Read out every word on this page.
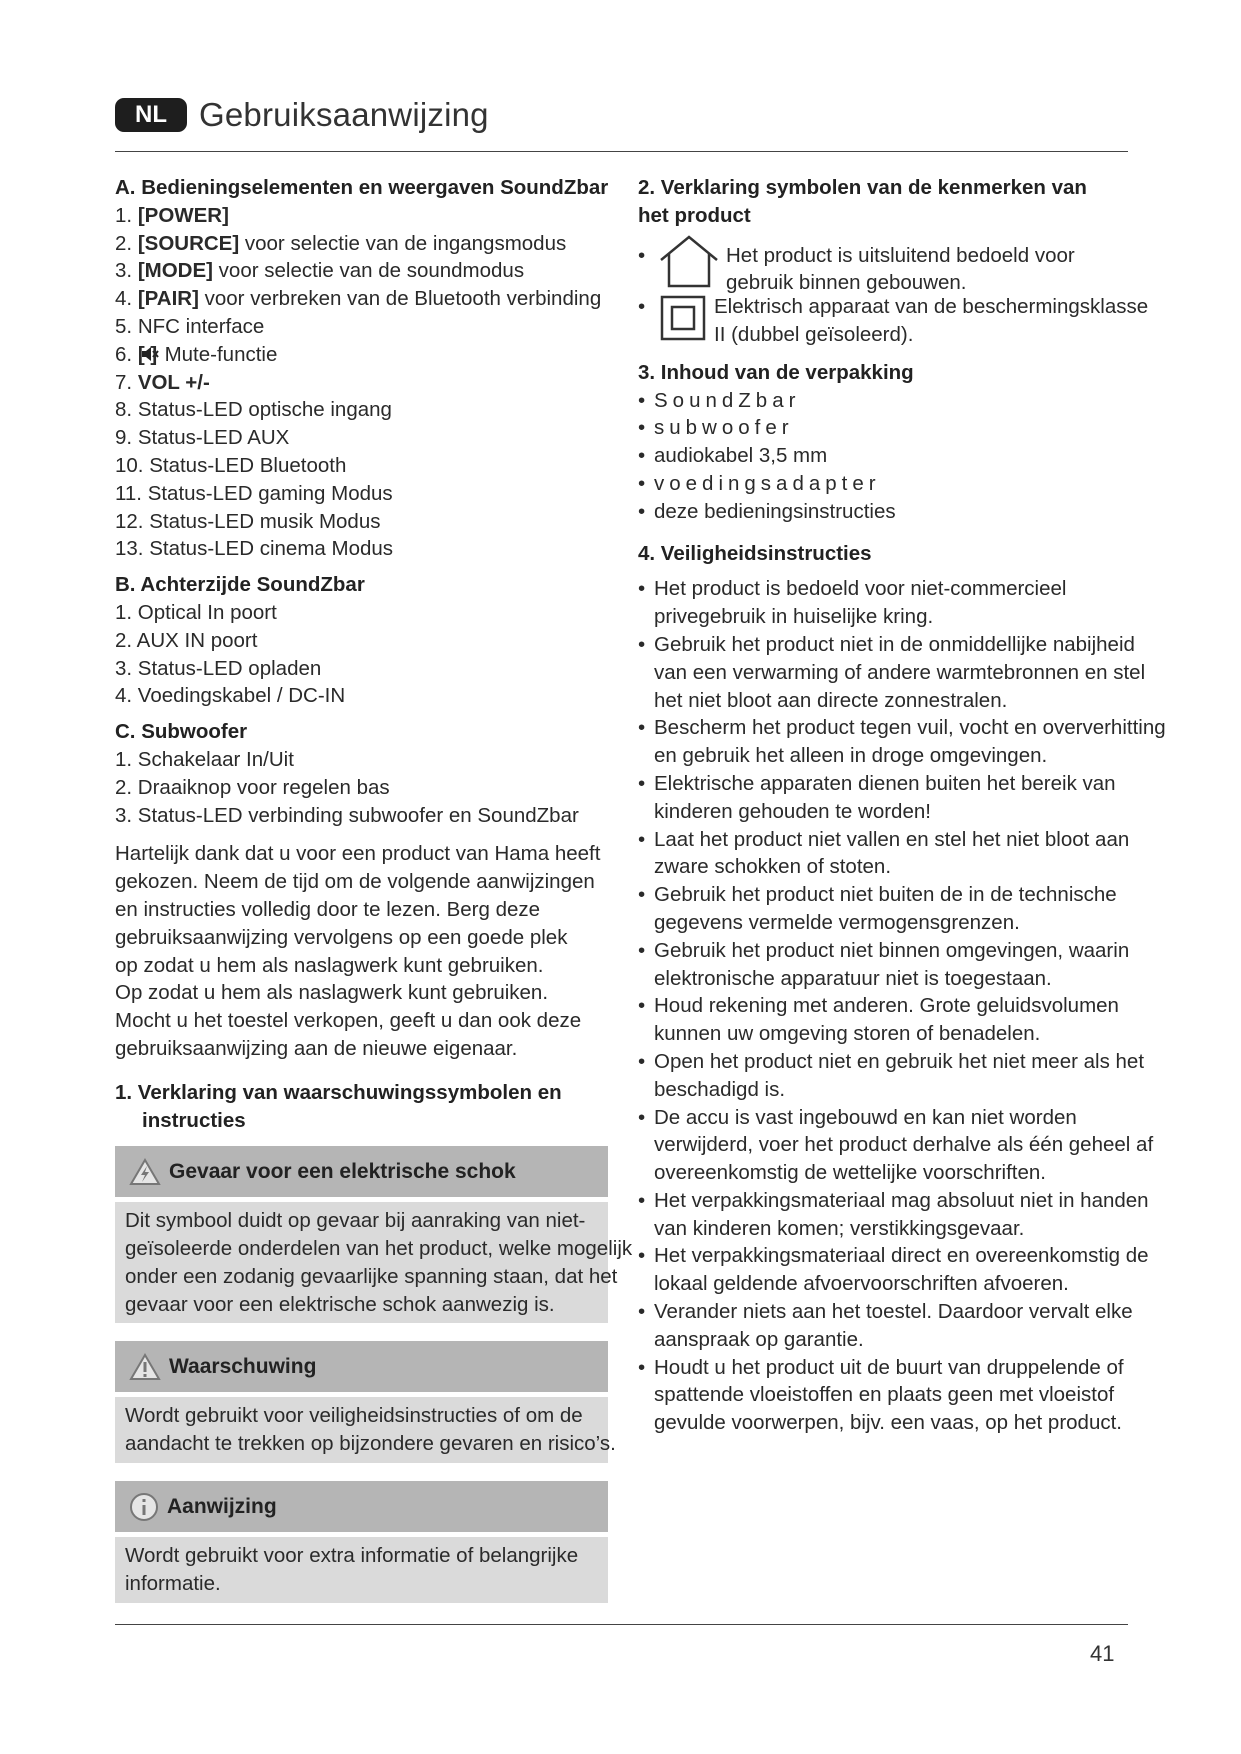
NL Gebruiksaanwijzing
A. Bedieningselementen en weergaven SoundZbar
1. [POWER]
2. [SOURCE] voor selectie van de ingangsmodus
3. [MODE] voor selectie van de soundmodus
4. [PAIR] voor verbreken van de Bluetooth verbinding
5. NFC interface
6. [ ]  Mute-functie
7. VOL +/-
8. Status-LED optische ingang
9. Status-LED AUX
10. Status-LED Bluetooth
11. Status-LED gaming Modus
12. Status-LED musik Modus
13. Status-LED cinema Modus
B. Achterzijde SoundZbar
1. Optical In poort
2. AUX IN poort
3. Status-LED opladen
4. Voedingskabel / DC-IN
C. Subwoofer
1. Schakelaar In/Uit
2. Draaiknop voor regelen bas
3. Status-LED verbinding subwoofer en SoundZbar
Hartelijk dank dat u voor een product van Hama heeft
gekozen. Neem de tijd om de volgende aanwijzingen
en instructies volledig door te lezen. Berg deze
gebruiksaanwijzing vervolgens op een goede plek
op zodat u hem als naslagwerk kunt gebruiken.
Op zodat u hem als naslagwerk kunt gebruiken.
Mocht u het toestel verkopen, geeft u dan ook deze
gebruiksaanwijzing aan de nieuwe eigenaar.
1. Verklaring van waarschuwingssymbolen en
instructies
Gevaar voor een elektrische schok
Dit symbool duidt op gevaar bij aanraking van niet-
geïsoleerde onderdelen van het product, welke mogelijk
onder een zodanig gevaarlijke spanning staan, dat het
gevaar voor een elektrische schok aanwezig is.
Waarschuwing
Wordt gebruikt voor veiligheidsinstructies of om de
aandacht te trekken op bijzondere gevaren en risico’s.
Aanwijzing
Wordt gebruikt voor extra informatie of belangrijke
informatie.
2. Verklaring symbolen van de kenmerken van
het product
•	Het product is uitsluitend bedoeld voor
gebruik binnen gebouwen.
•	Elektrisch apparaat van de beschermingsklasse
II (dubbel geïsoleerd).
3. Inhoud van de verpakking
• SoundZbar
• subwoofer
• audiokabel 3,5 mm
• voedingsadapter
• deze bedieningsinstructies
4. Veiligheidsinstructies
• Het product is bedoeld voor niet-commercieel
privegebruik in huiselijke kring.
• Gebruik het product niet in de onmiddellijke nabijheid
van een verwarming of andere warmtebronnen en stel
het niet bloot aan directe zonnestralen.
• Bescherm het product tegen vuil, vocht en oververhitting
en gebruik het alleen in droge omgevingen.
• Elektrische apparaten dienen buiten het bereik van
kinderen gehouden te worden!
• Laat het product niet vallen en stel het niet bloot aan
zware schokken of stoten.
• Gebruik het product niet buiten de in de technische
gegevens vermelde vermogensgrenzen.
• Gebruik het product niet binnen omgevingen, waarin
elektronische apparatuur niet is toegestaan.
• Houd rekening met anderen. Grote geluidsvolumen
kunnen uw omgeving storen of benadelen.
• Open het product niet en gebruik het niet meer als het
beschadigd is.
• De accu is vast ingebouwd en kan niet worden
verwijderd, voer het product derhalve als één geheel af
overeenkomstig de wettelijke voorschriften.
• Het verpakkingsmateriaal mag absoluut niet in handen
van kinderen komen; verstikkingsgevaar.
• Het verpakkingsmateriaal direct en overeenkomstig de
lokaal geldende afvoervoorschriften afvoeren.
• Verander niets aan het toestel. Daardoor vervalt elke
aanspraak op garantie.
• Houdt u het product uit de buurt van druppelende of
spattende vloeistoffen en plaats geen met vloeistof
gevulde voorwerpen, bijv. een vaas, op het product.
41
